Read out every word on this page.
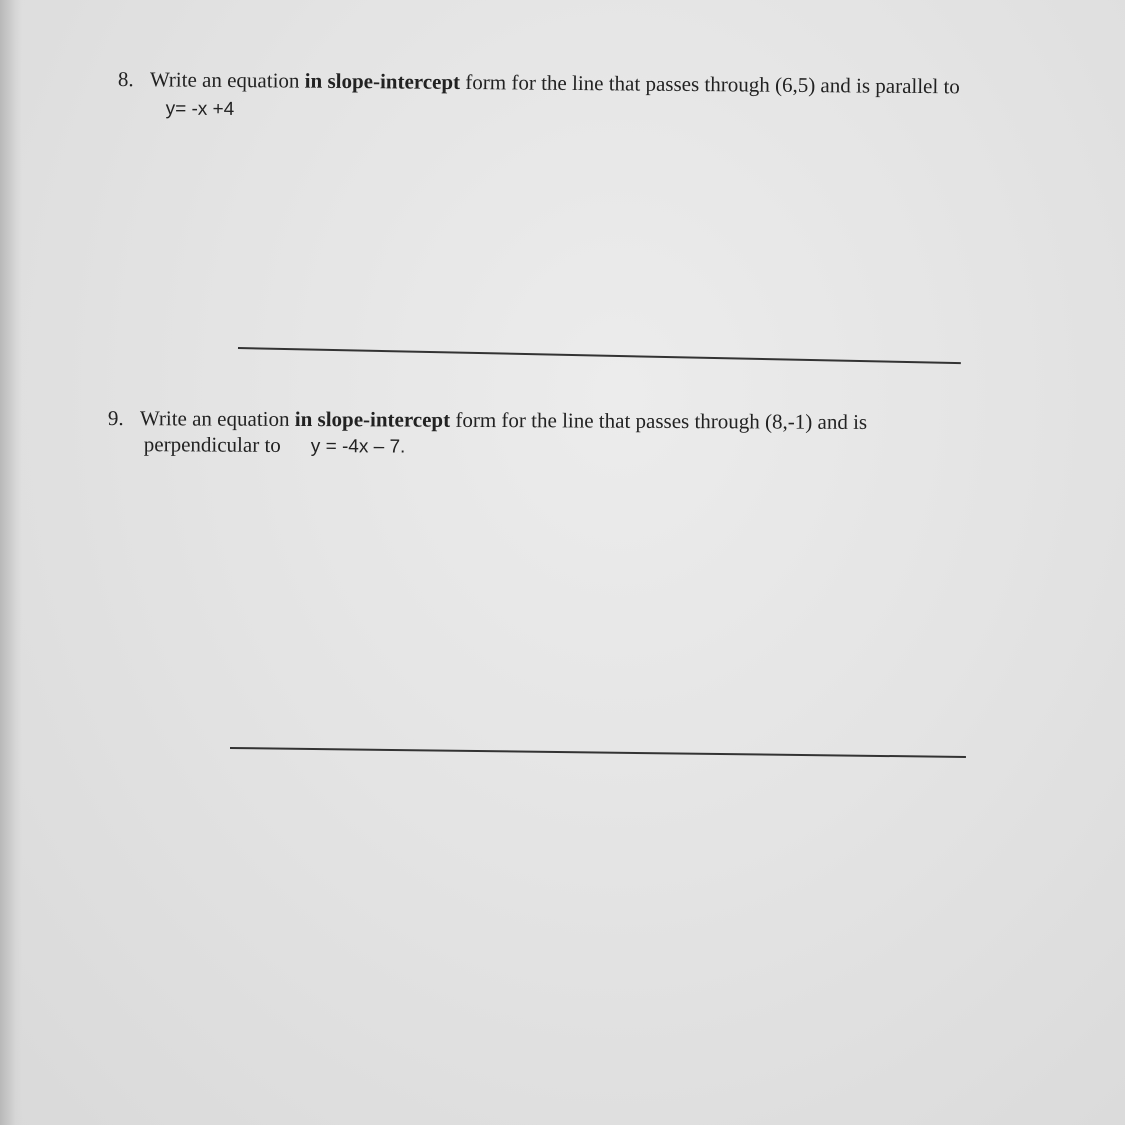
8. Write an equation in slope-intercept form for the line that passes through (6,5) and is parallel to
y= -x +4
9. Write an equation in slope-intercept form for the line that passes through (8,-1) and is
perpendicular to y = -4x – 7.
